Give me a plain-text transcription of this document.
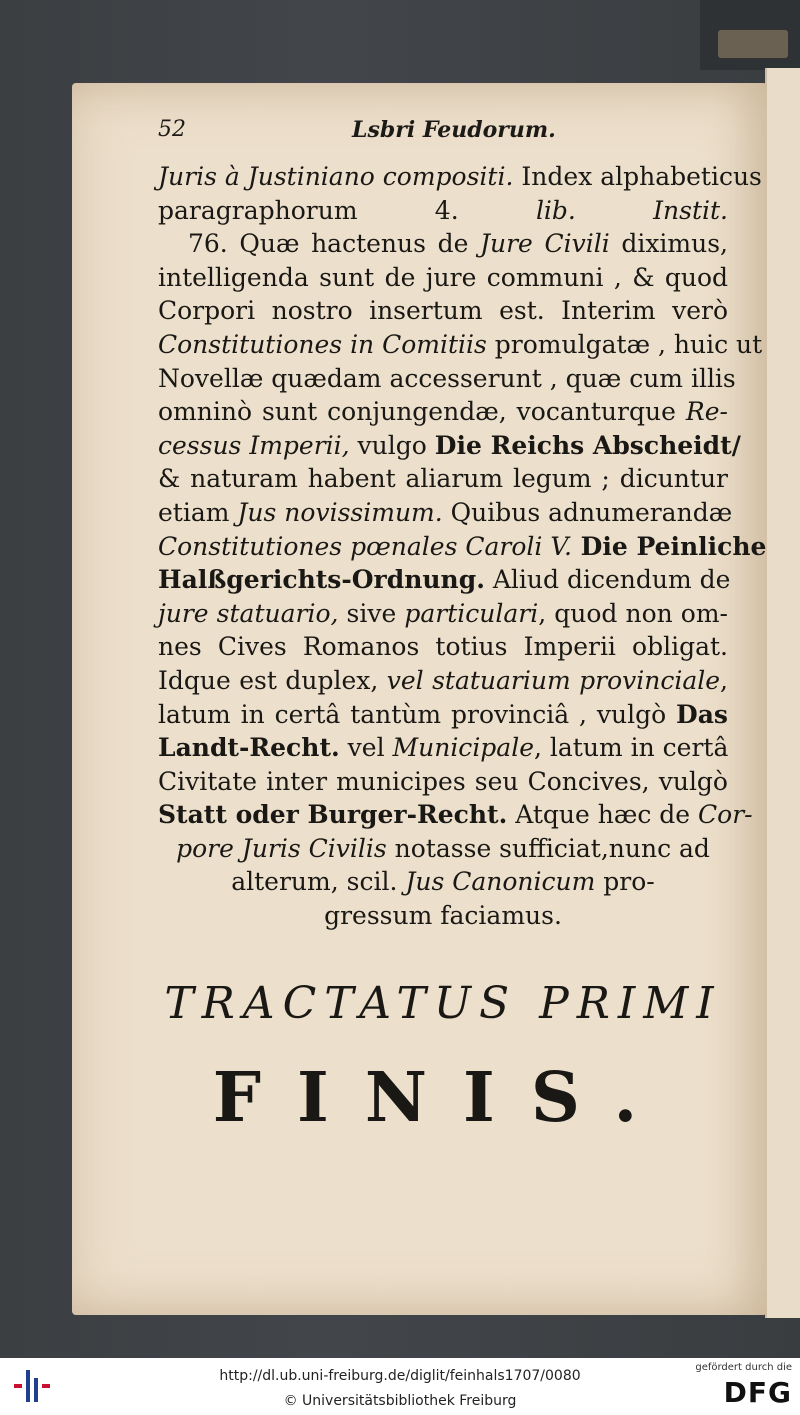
52	Lsbri Feudorum.
Juris à Justiniano compositi. Index alphabeticus
paragraphorum 4. lib. Instit.
76. Quæ hactenus de Jure Civili diximus,
intelligenda sunt de jure communi , & quod
Corpori nostro insertum est. Interim verò
Constitutiones in Comitiis promulgatæ , huic ut
Novellæ quædam accesserunt , quæ cum illis
omninò sunt conjungendæ, vocanturque Re-
cessus Imperii, vulgo Die Reichs Abscheidt/
& naturam habent aliarum legum ; dicuntur
etiam Jus novissimum. Quibus adnumerandæ
Constitutiones pœnales Caroli V. Die Peinliche
Halßgerichts-Ordnung. Aliud dicendum de
jure statuario, sive particulari, quod non om-
nes Cives Romanos totius Imperii obligat.
Idque est duplex, vel statuarium provinciale,
latum in certâ tantùm provinciâ , vulgò Das
Landt-Recht. vel Municipale, latum in certâ
Civitate inter municipes seu Concives, vulgò
Statt oder Burger-Recht. Atque hæc de Cor-
pore Juris Civilis notasse sufficiat,nunc ad
alterum, scil. Jus Canonicum pro-
gressum faciamus.
TRACTATUS PRIMI
FINIS.
http://dl.ub.uni-freiburg.de/diglit/feinhals1707/0080
© Universitätsbibliothek Freiburg
gefördert durch die
DFG
